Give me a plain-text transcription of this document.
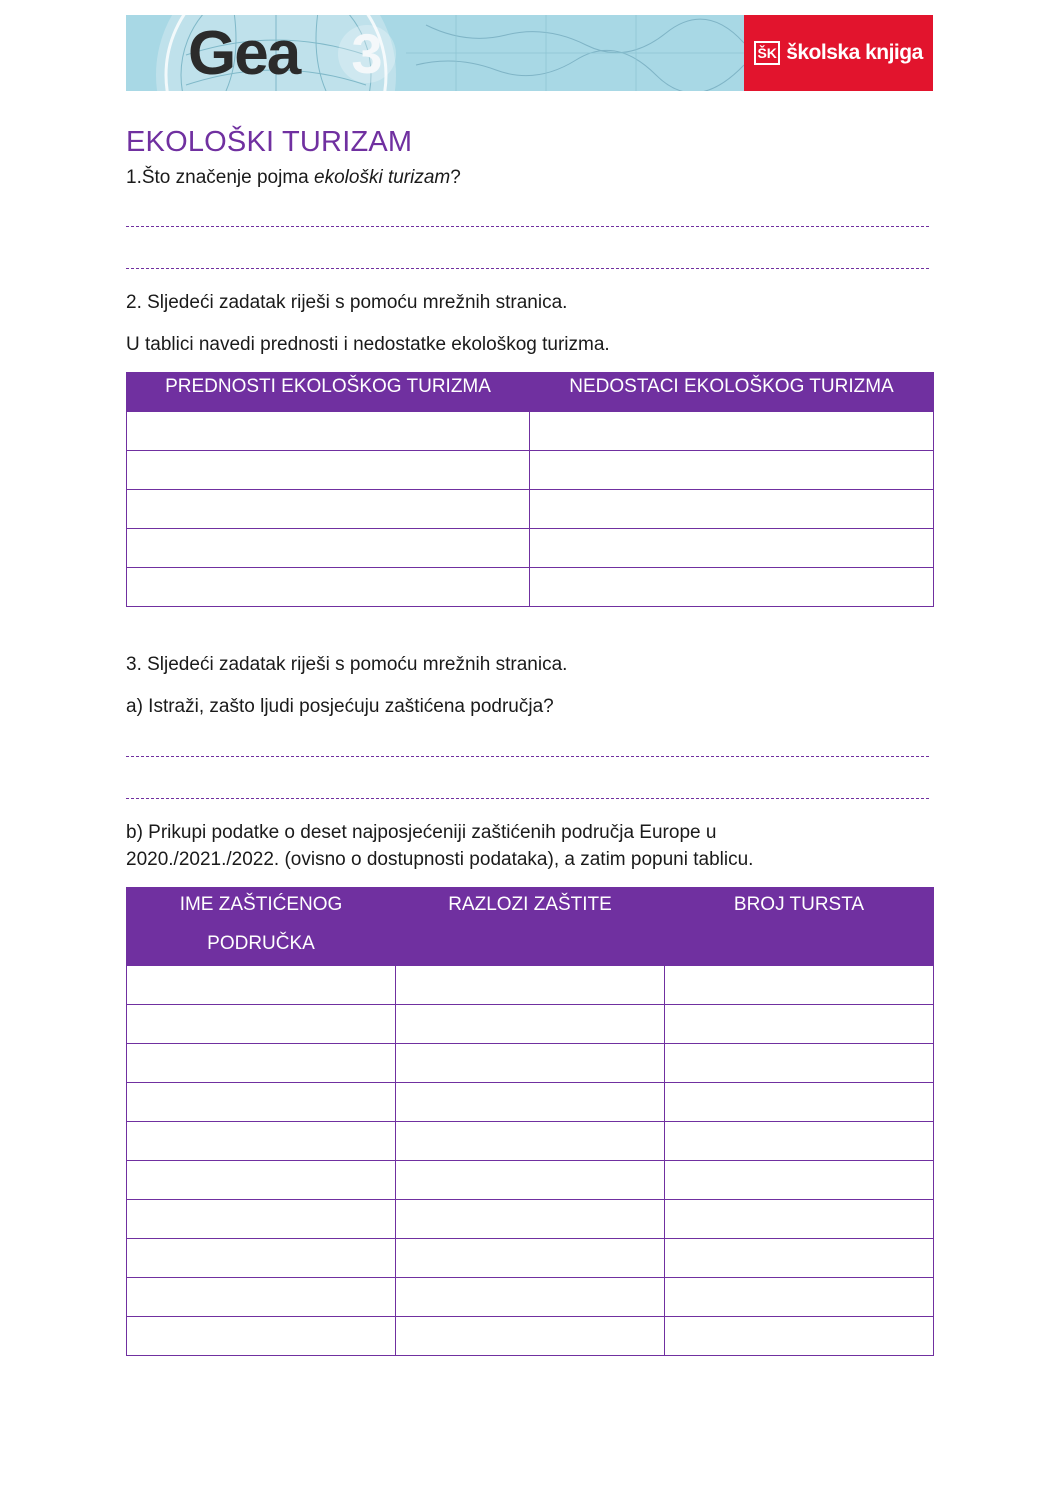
Gea 3	ŠK školska knjiga
EKOLOŠKI TURIZAM
1.Što značenje pojma ekološki turizam?
2. Sljedeći zadatak riješi s pomoću mrežnih stranica.
U tablici navedi prednosti i nedostatke ekološkog turizma.
PREDNOSTI EKOLOŠKOG TURIZMA	NEDOSTACI EKOLOŠKOG TURIZMA

3. Sljedeći zadatak riješi s pomoću mrežnih stranica.
a) Istraži, zašto ljudi posjećuju zaštićena područja?
b) Prikupi podatke o deset najposjećeniji zaštićenih područja Europe u
2020./2021./2022. (ovisno o dostupnosti podataka), a zatim popuni tablicu.
IME ZAŠTIĆENOG
PODRUČKA	RAZLOZI ZAŠTITE	BROJ TURSTA
